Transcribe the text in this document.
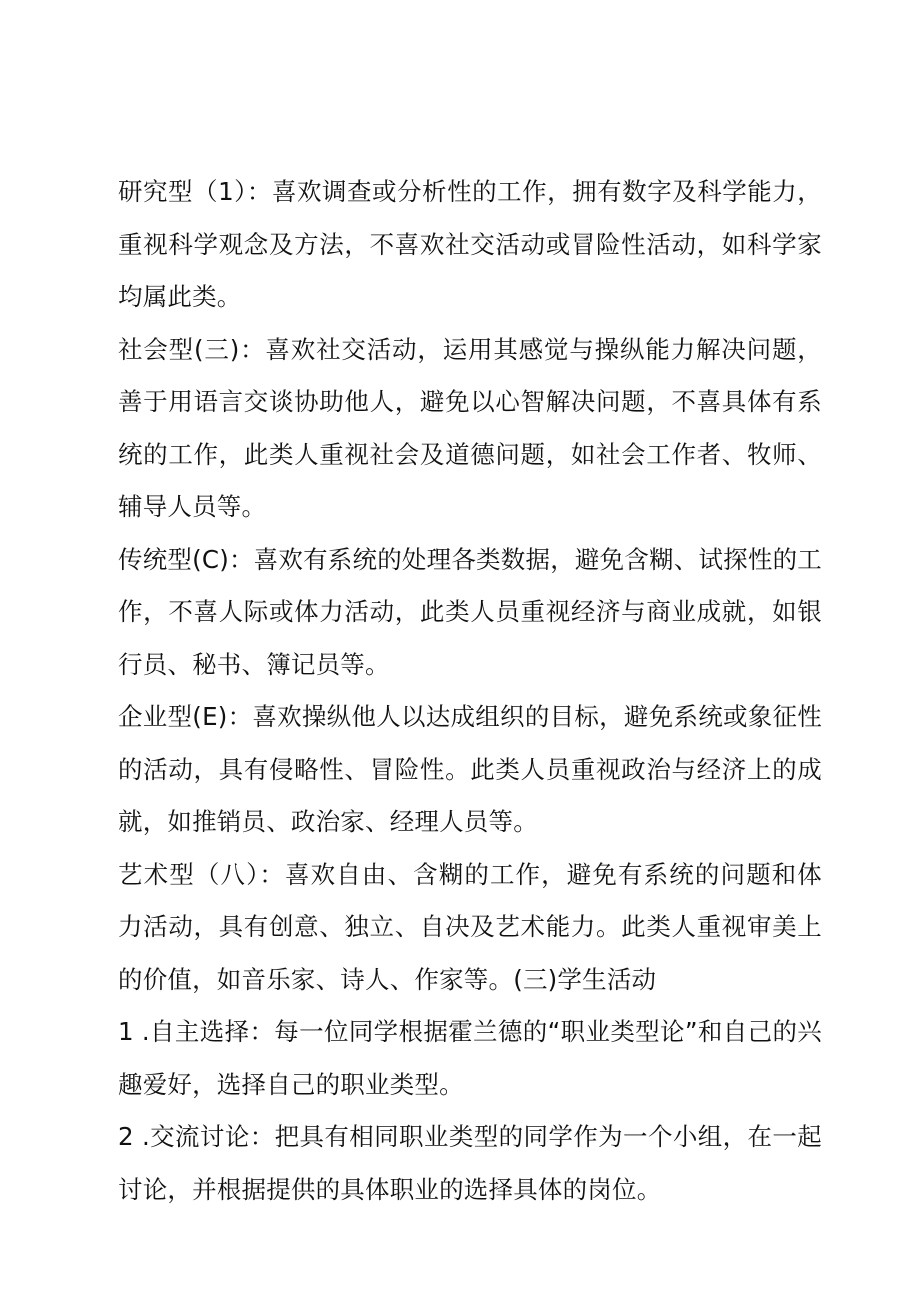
研究型（1）：喜欢调查或分析性的工作，拥有数字及科学能力，重视科学观念及方法，不喜欢社交活动或冒险性活动，如科学家均属此类。

社会型(三)：喜欢社交活动，运用其感觉与操纵能力解决问题，善于用语言交谈协助他人，避免以心智解决问题，不喜具体有系统的工作，此类人重视社会及道德问题，如社会工作者、牧师、辅导人员等。

传统型(C)：喜欢有系统的处理各类数据，避免含糊、试探性的工作，不喜人际或体力活动，此类人员重视经济与商业成就，如银行员、秘书、簿记员等。

企业型(E)：喜欢操纵他人以达成组织的目标，避免系统或象征性的活动，具有侵略性、冒险性。此类人员重视政治与经济上的成就，如推销员、政治家、经理人员等。

艺术型（八）：喜欢自由、含糊的工作，避免有系统的问题和体力活动，具有创意、独立、自决及艺术能力。此类人重视审美上的价值，如音乐家、诗人、作家等。(三)学生活动

1 .自主选择：每一位同学根据霍兰德的“职业类型论”和自己的兴趣爱好，选择自己的职业类型。

2 .交流讨论：把具有相同职业类型的同学作为一个小组，在一起讨论，并根据提供的具体职业的选择具体的岗位。
